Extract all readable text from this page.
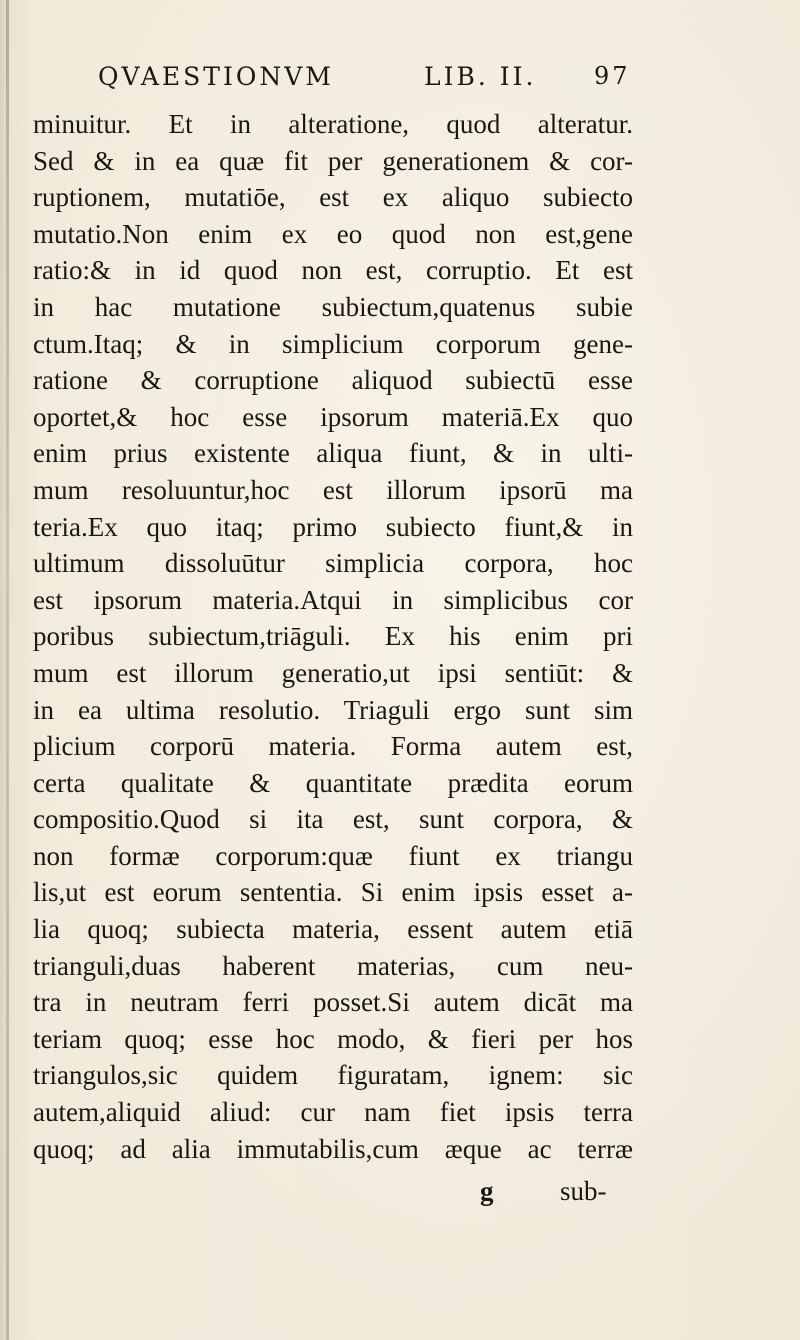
QVAESTIONVM	LIB. II. 97
minuitur. Et in alteratione, quod alteratur.
Sed & in ea quæ fit per generationem & cor-
ruptionem, mutatiōe, est ex aliquo subiecto
mutatio.Non enim ex eo quod non est,gene
ratio:& in id quod non est, corruptio. Et est
in hac mutatione subiectum,quatenus subie
ctum.Itaq; & in simplicium corporum gene-
ratione & corruptione aliquod subiectū esse
oportet,& hoc esse ipsorum materiā.Ex quo
enim prius existente aliqua fiunt, & in ulti-
mum resoluuntur,hoc est illorum ipsorū ma
teria.Ex quo itaq; primo subiecto fiunt,& in
ultimum dissoluūtur simplicia corpora, hoc
est ipsorum materia.Atqui in simplicibus cor
poribus subiectum,triāguli. Ex his enim pri
mum est illorum generatio,ut ipsi sentiūt: &
in ea ultima resolutio. Triaguli ergo sunt sim
plicium corporū materia. Forma autem est,
certa qualitate & quantitate prædita eorum
compositio.Quod si ita est, sunt corpora, &
non formæ corporum:quæ fiunt ex triangu
lis,ut est eorum sententia. Si enim ipsis esset a-
lia quoq; subiecta materia, essent autem etiā
trianguli,duas haberent materias, cum neu-
tra in neutram ferri posset.Si autem dicāt ma
teriam quoq; esse hoc modo, & fieri per hos
triangulos,sic quidem figuratam, ignem: sic
autem,aliquid aliud: cur nam fiet ipsis terra
quoq; ad alia immutabilis,cum æque ac terræ
g sub-
